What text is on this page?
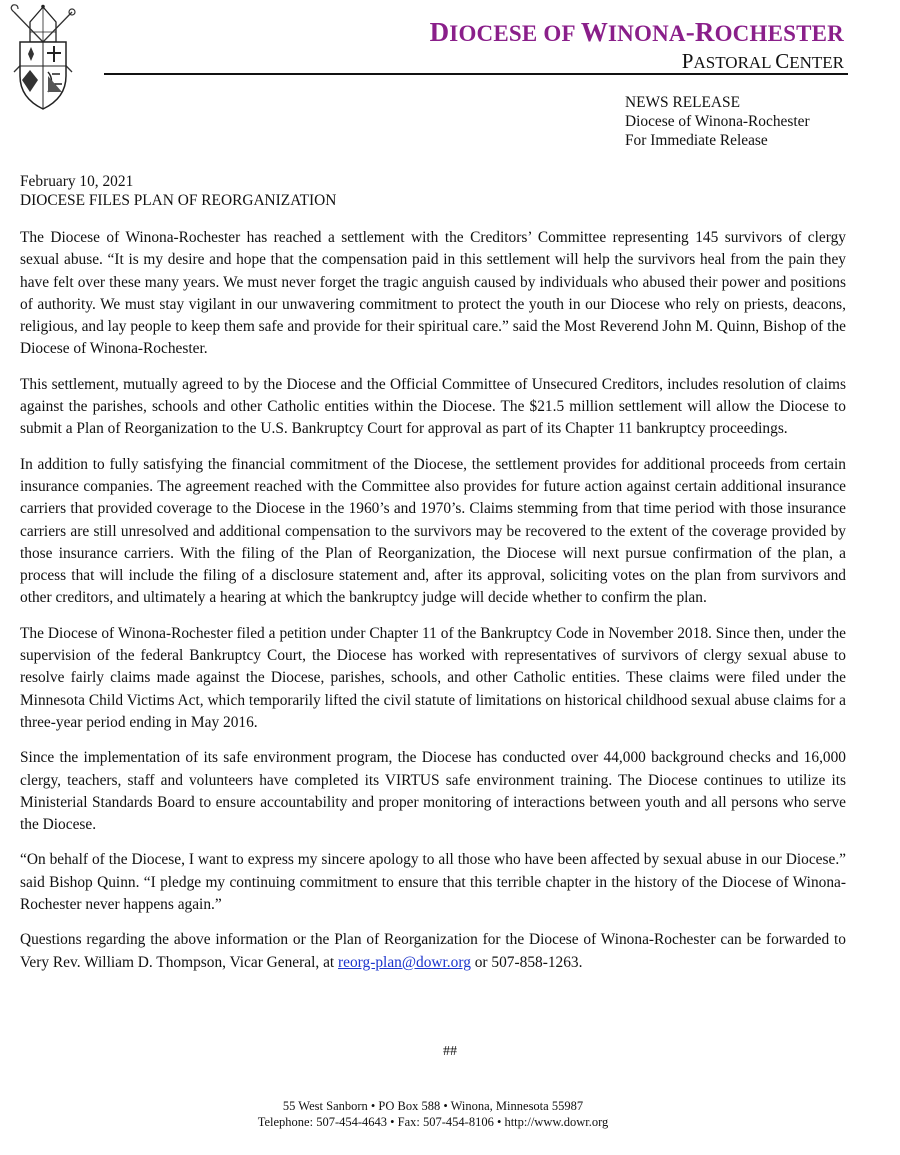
DIOCESE OF WINONA-ROCHESTER
PASTORAL CENTER
NEWS RELEASE
Diocese of Winona-Rochester
For Immediate Release
February 10, 2021
DIOCESE FILES PLAN OF REORGANIZATION

The Diocese of Winona-Rochester has reached a settlement with the Creditors’ Committee representing 145 survivors of clergy sexual abuse. “It is my desire and hope that the compensation paid in this settlement will help the survivors heal from the pain they have felt over these many years. We must never forget the tragic anguish caused by individuals who abused their power and positions of authority. We must stay vigilant in our unwavering commitment to protect the youth in our Diocese who rely on priests, deacons, religious, and lay people to keep them safe and provide for their spiritual care.” said the Most Reverend John M. Quinn, Bishop of the Diocese of Winona-Rochester.

This settlement, mutually agreed to by the Diocese and the Official Committee of Unsecured Creditors, includes resolution of claims against the parishes, schools and other Catholic entities within the Diocese. The $21.5 million settlement will allow the Diocese to submit a Plan of Reorganization to the U.S. Bankruptcy Court for approval as part of its Chapter 11 bankruptcy proceedings.

In addition to fully satisfying the financial commitment of the Diocese, the settlement provides for additional proceeds from certain insurance companies. The agreement reached with the Committee also provides for future action against certain additional insurance carriers that provided coverage to the Diocese in the 1960’s and 1970’s. Claims stemming from that time period with those insurance carriers are still unresolved and additional compensation to the survivors may be recovered to the extent of the coverage provided by those insurance carriers. With the filing of the Plan of Reorganization, the Diocese will next pursue confirmation of the plan, a process that will include the filing of a disclosure statement and, after its approval, soliciting votes on the plan from survivors and other creditors, and ultimately a hearing at which the bankruptcy judge will decide whether to confirm the plan.

The Diocese of Winona-Rochester filed a petition under Chapter 11 of the Bankruptcy Code in November 2018. Since then, under the supervision of the federal Bankruptcy Court, the Diocese has worked with representatives of survivors of clergy sexual abuse to resolve fairly claims made against the Diocese, parishes, schools, and other Catholic entities. These claims were filed under the Minnesota Child Victims Act, which temporarily lifted the civil statute of limitations on historical childhood sexual abuse claims for a three-year period ending in May 2016.

Since the implementation of its safe environment program, the Diocese has conducted over 44,000 background checks and 16,000 clergy, teachers, staff and volunteers have completed its VIRTUS safe environment training. The Diocese continues to utilize its Ministerial Standards Board to ensure accountability and proper monitoring of interactions between youth and all persons who serve the Diocese.

“On behalf of the Diocese, I want to express my sincere apology to all those who have been affected by sexual abuse in our Diocese.” said Bishop Quinn. “I pledge my continuing commitment to ensure that this terrible chapter in the history of the Diocese of Winona-Rochester never happens again.”

Questions regarding the above information or the Plan of Reorganization for the Diocese of Winona-Rochester can be forwarded to Very Rev. William D. Thompson, Vicar General, at reorg-plan@dowr.org or 507-858-1263.

##
55 West Sanborn • PO Box 588 • Winona, Minnesota 55987
Telephone: 507-454-4643 • Fax: 507-454-8106 • http://www.dowr.org
